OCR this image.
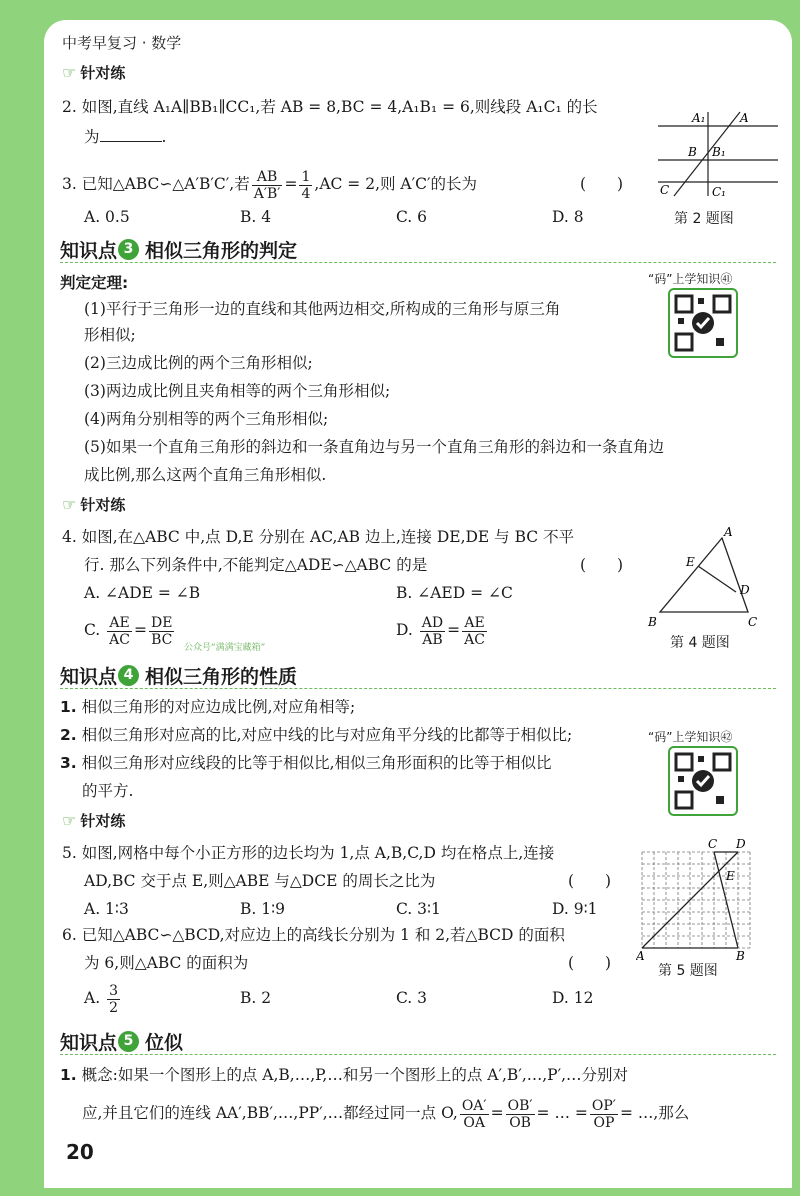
中考早复习 · 数学
☞ 针对练
2. 如图,直线 A₁A∥BB₁∥CC₁,若 AB = 8,BC = 4,A₁B₁ = 6,则线段 A₁C₁ 的长
为	.
A₁	A
B B₁
C	C₁
第 2 题图
3. 已知△ABC∽△A′B′C′,若 $\frac{AB}{A'B'} = \frac{1}{4} ,AC = 2$,则 A′C′的长为	(　　)
A. 0.5	B. 4	C. 6	D. 8
知识点 3 相似三角形的判定
判定定理:
(1)平行于三角形一边的直线和其他两边相交,所构成的三角形与原三角
形相似;
(2)三边成比例的两个三角形相似;
(3)两边成比例且夹角相等的两个三角形相似;
(4)两角分别相等的两个三角形相似;
(5)如果一个直角三角形的斜边和一条直角边与另一个直角三角形的斜边和一条直角边
成比例,那么这两个直角三角形相似.
“码”上学知识㊶
☞ 针对练
4. 如图,在△ABC 中,点 D,E 分别在 AC,AB 边上,连接 DE,DE 与 BC 不平
行. 那么下列条件中,不能判定△ADE∽△ABC 的是	(　　)
A. ∠ADE = ∠B	B. ∠AED = ∠C
C. $\frac{AE}{AC} = \frac{DE}{BC}$
公众号“满满宝藏箱”
D. $\frac{AD}{AB} = \frac{AE}{AC}$
A
E
D
B	C
第 4 题图
知识点 4 相似三角形的性质
1. 相似三角形的对应边成比例,对应角相等;
2. 相似三角形对应高的比,对应中线的比与对应角平分线的比都等于相似比;
3. 相似三角形对应线段的比等于相似比,相似三角形面积的比等于相似比
的平方.
“码”上学知识㊷
☞ 针对练
5. 如图,网格中每个小正方形的边长均为 1,点 A,B,C,D 均在格点上,连接
AD,BC 交于点 E,则△ABE 与△DCE 的周长之比为	(　　)
A. 1∶3	B. 1∶9	C. 3∶1	D. 9∶1
C D
E
A	B
第 5 题图
6. 已知△ABC∽△BCD,对应边上的高线长分别为 1 和 2,若△BCD 的面积
为 6,则△ABC 的面积为	(　　)
A. $\frac{3}{2}$	B. 2	C. 3	D. 12
知识点 5 位似
1. 概念:如果一个图形上的点 A,B,…,P,…和另一个图形上的点 A′,B′,…,P′,…分别对
应,并且它们的连线 AA′,BB′,…,PP′,…都经过同一点 O, $\frac{OA'}{OA} = \frac{OB'}{OB}$ = … = $\frac{OP'}{OP}$ = …,那么
20
